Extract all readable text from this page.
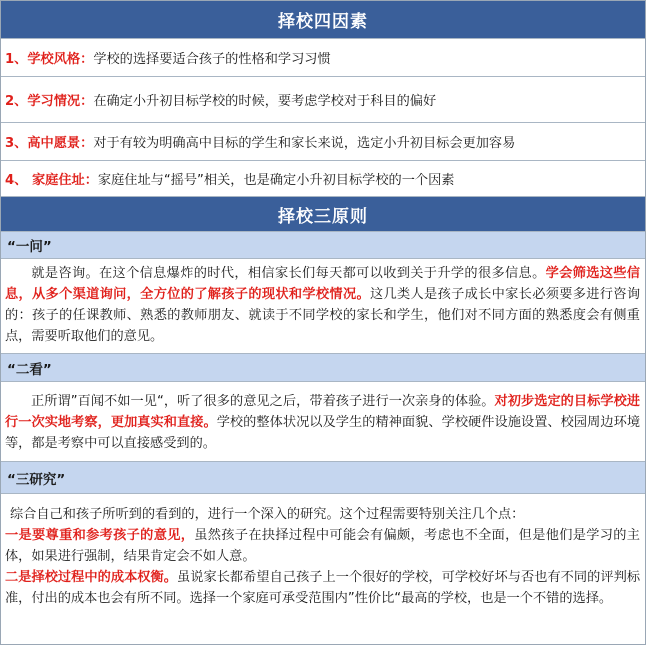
择校四因素
1、学校风格： 学校的选择要适合孩子的性格和学习习惯
2、学习情况： 在确定小升初目标学校的时候，要考虑学校对于科目的偏好
3、高中愿景： 对于有较为明确高中目标的学生和家长来说，选定小升初目标会更加容易
4、 家庭住址： 家庭住址与“摇号”相关，也是确定小升初目标学校的一个因素
择校三原则
“一问”
就是咨询。在这个信息爆炸的时代，相信家长们每天都可以收到关于升学的很多信息。学会筛选这些信息，从多个渠道询问，全方位的了解孩子的现状和学校情况。这几类人是孩子成长中家长必须要多进行咨询的：孩子的任课教师、熟悉的教师朋友、就读于不同学校的家长和学生，他们对不同方面的熟悉度会有侧重点，需要听取他们的意见。
“二看”
正所谓”百闻不如一见“，听了很多的意见之后，带着孩子进行一次亲身的体验。对初步选定的目标学校进行一次实地考察，更加真实和直接。学校的整体状况以及学生的精神面貌、学校硬件设施设置、校园周边环境等，都是考察中可以直接感受到的。
“三研究”
综合自己和孩子所听到的看到的，进行一个深入的研究。这个过程需要特别关注几个点：
一是要尊重和参考孩子的意见，虽然孩子在抉择过程中可能会有偏颇，考虑也不全面，但是他们是学习的主体，如果进行强制，结果肯定会不如人意。
二是择校过程中的成本权衡。虽说家长都希望自己孩子上一个很好的学校，可学校好坏与否也有不同的评判标准，付出的成本也会有所不同。选择一个家庭可承受范围内”性价比“最高的学校，也是一个不错的选择。
